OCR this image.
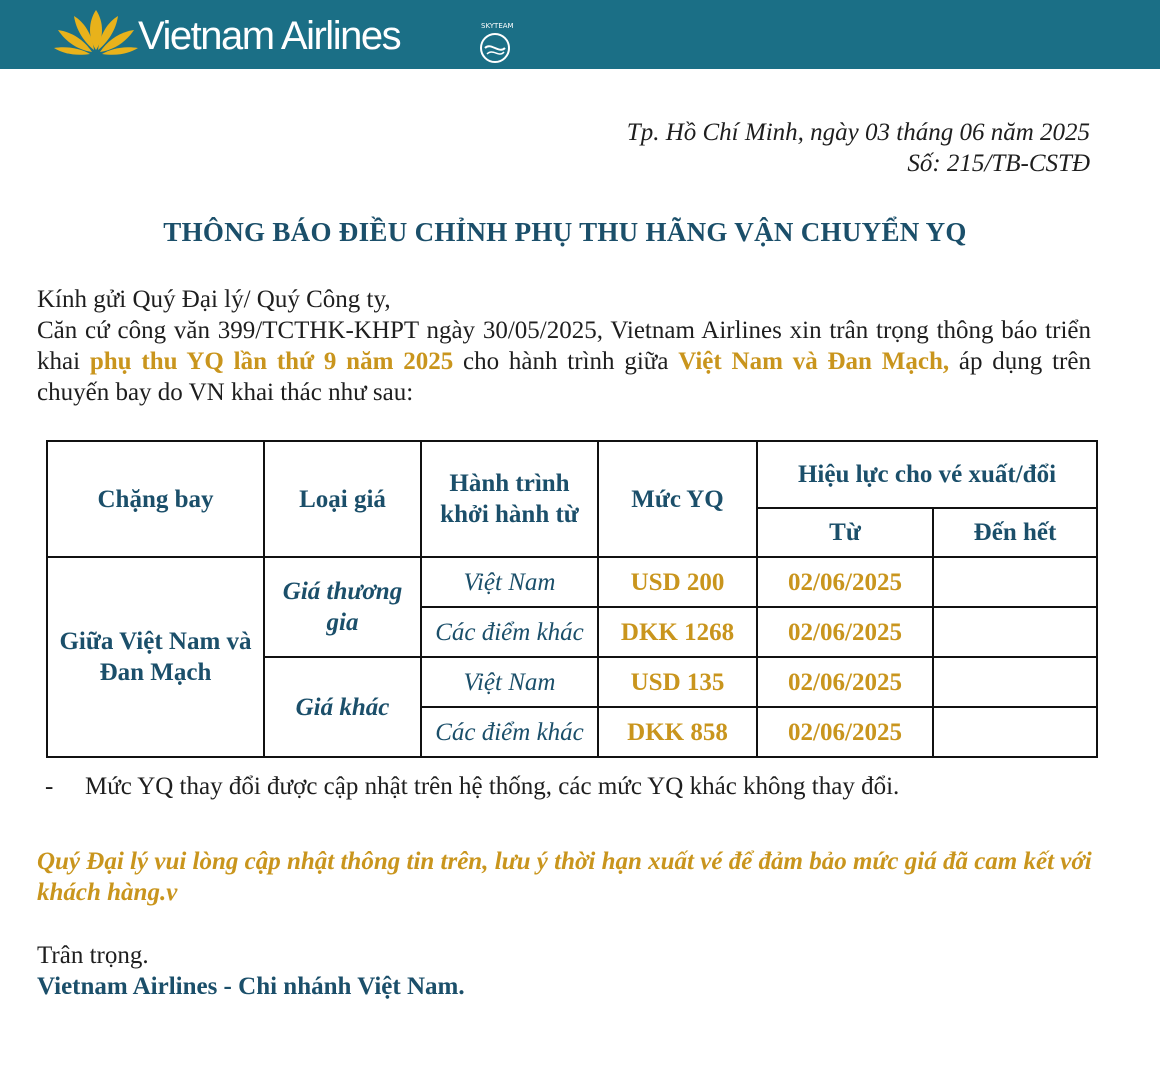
Vietnam Airlines	SKYTEAM
Tp. Hồ Chí Minh, ngày 03 tháng 06 năm 2025
Số: 215/TB-CSTĐ
THÔNG BÁO ĐIỀU CHỈNH PHỤ THU HÃNG VẬN CHUYỂN YQ

Kính gửi Quý Đại lý/ Quý Công ty,

Căn cứ công văn 399/TCTHK-KHPT ngày 30/05/2025, Vietnam Airlines xin trân trọng thông báo triển khai phụ thu YQ lần thứ 9 năm 2025 cho hành trình giữa Việt Nam và Đan Mạch, áp dụng trên chuyến bay do VN khai thác như sau:

Chặng bay	Loại giá	Hành trình khởi hành từ	Mức YQ	Hiệu lực cho vé xuất/đổi	
				Từ	Đến hết
Giữa Việt Nam và Đan Mạch	Giá thương gia	Việt Nam	USD 200	02/06/2025	
		Các điểm khác	DKK 1268	02/06/2025	
	Giá khác	Việt Nam	USD 135	02/06/2025	
		Các điểm khác	DKK 858	02/06/2025	
- Mức YQ thay đổi được cập nhật trên hệ thống, các mức YQ khác không thay đổi.
Quý Đại lý vui lòng cập nhật thông tin trên, lưu ý thời hạn xuất vé để đảm bảo mức giá đã cam kết với khách hàng.v
Trân trọng.
Vietnam Airlines - Chi nhánh Việt Nam.
